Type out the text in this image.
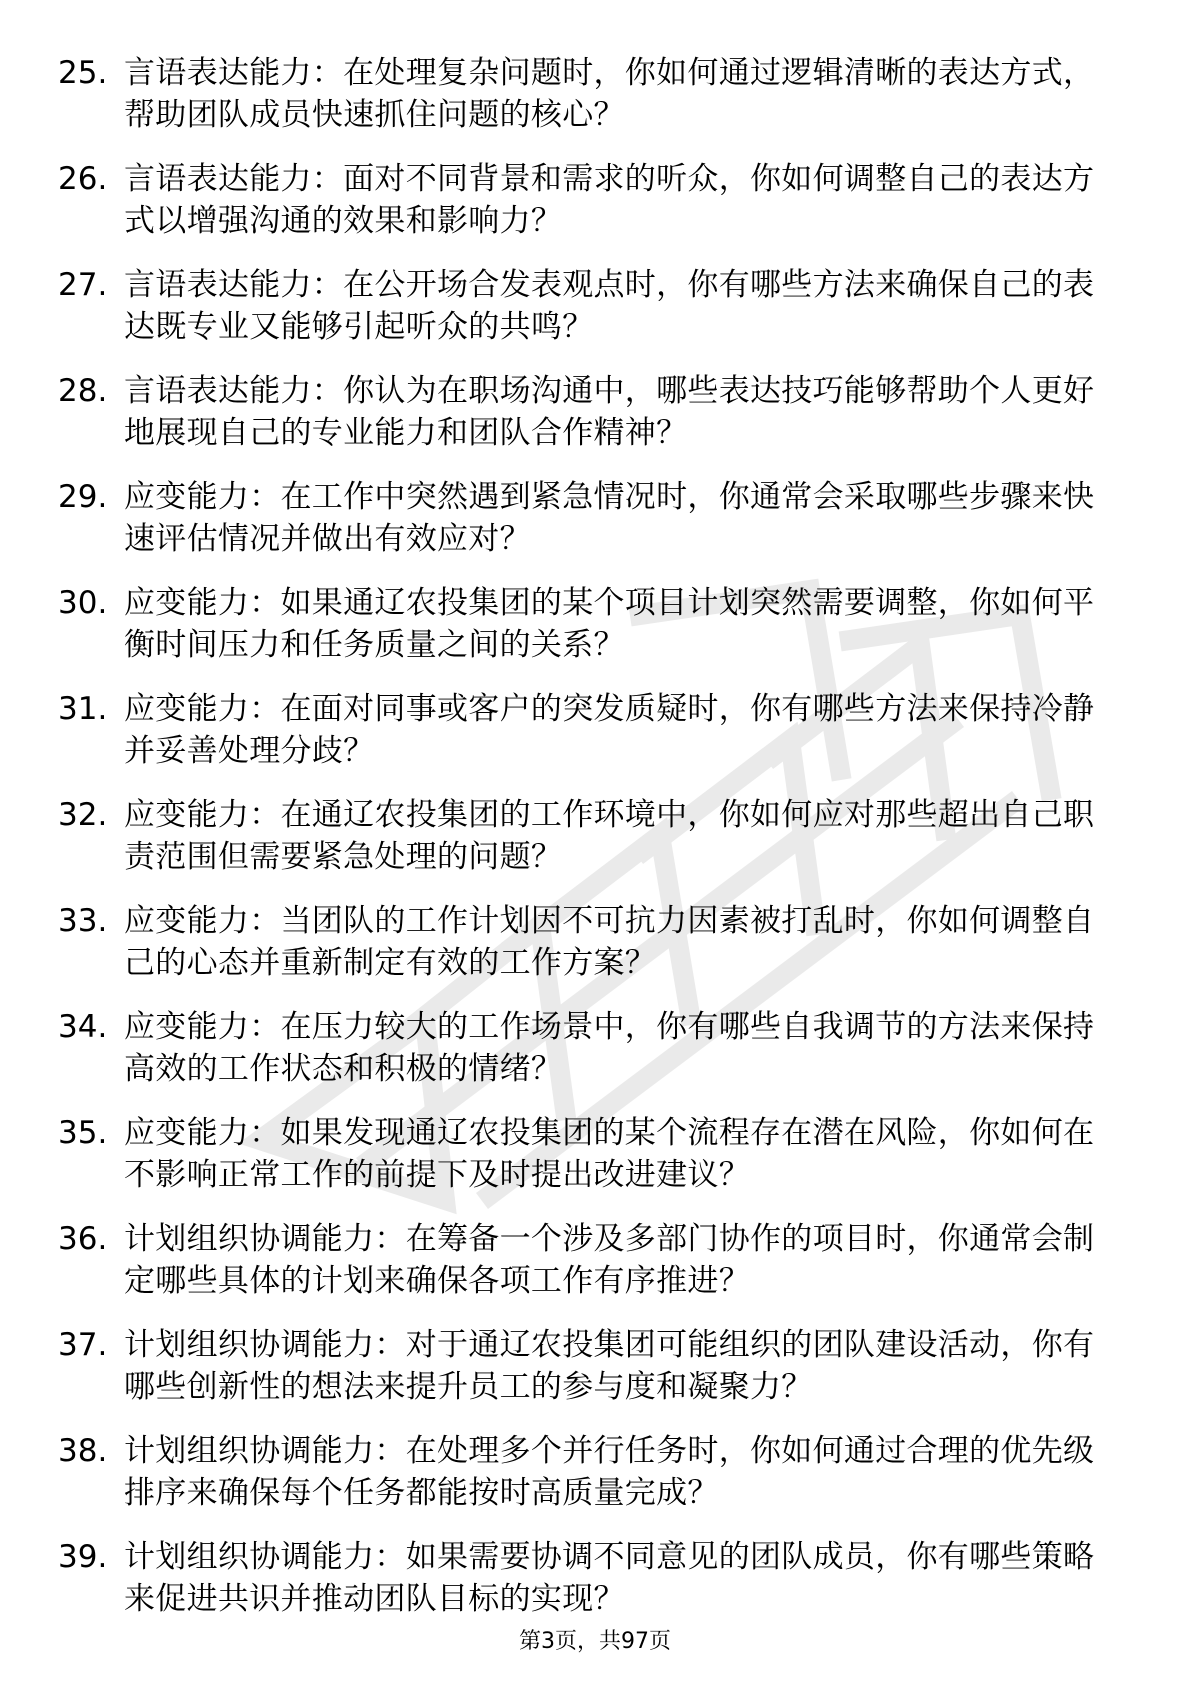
25. 言语表达能力：在处理复杂问题时，你如何通过逻辑清晰的表达方式，帮助团队成员快速抓住问题的核心？
26. 言语表达能力：面对不同背景和需求的听众，你如何调整自己的表达方式以增强沟通的效果和影响力？
27. 言语表达能力：在公开场合发表观点时，你有哪些方法来确保自己的表达既专业又能够引起听众的共鸣？
28. 言语表达能力：你认为在职场沟通中，哪些表达技巧能够帮助个人更好地展现自己的专业能力和团队合作精神？
29. 应变能力：在工作中突然遇到紧急情况时，你通常会采取哪些步骤来快速评估情况并做出有效应对？
30. 应变能力：如果通辽农投集团的某个项目计划突然需要调整，你如何平衡时间压力和任务质量之间的关系？
31. 应变能力：在面对同事或客户的突发质疑时，你有哪些方法来保持冷静并妥善处理分歧？
32. 应变能力：在通辽农投集团的工作环境中，你如何应对那些超出自己职责范围但需要紧急处理的问题？
33. 应变能力：当团队的工作计划因不可抗力因素被打乱时，你如何调整自己的心态并重新制定有效的工作方案？
34. 应变能力：在压力较大的工作场景中，你有哪些自我调节的方法来保持高效的工作状态和积极的情绪？
35. 应变能力：如果发现通辽农投集团的某个流程存在潜在风险，你如何在不影响正常工作的前提下及时提出改进建议？
36. 计划组织协调能力：在筹备一个涉及多部门协作的项目时，你通常会制定哪些具体的计划来确保各项工作有序推进？
37. 计划组织协调能力：对于通辽农投集团可能组织的团队建设活动，你有哪些创新性的想法来提升员工的参与度和凝聚力？
38. 计划组织协调能力：在处理多个并行任务时，你如何通过合理的优先级排序来确保每个任务都能按时高质量完成？
39. 计划组织协调能力：如果需要协调不同意见的团队成员，你有哪些策略来促进共识并推动团队目标的实现？
第3页，共97页
